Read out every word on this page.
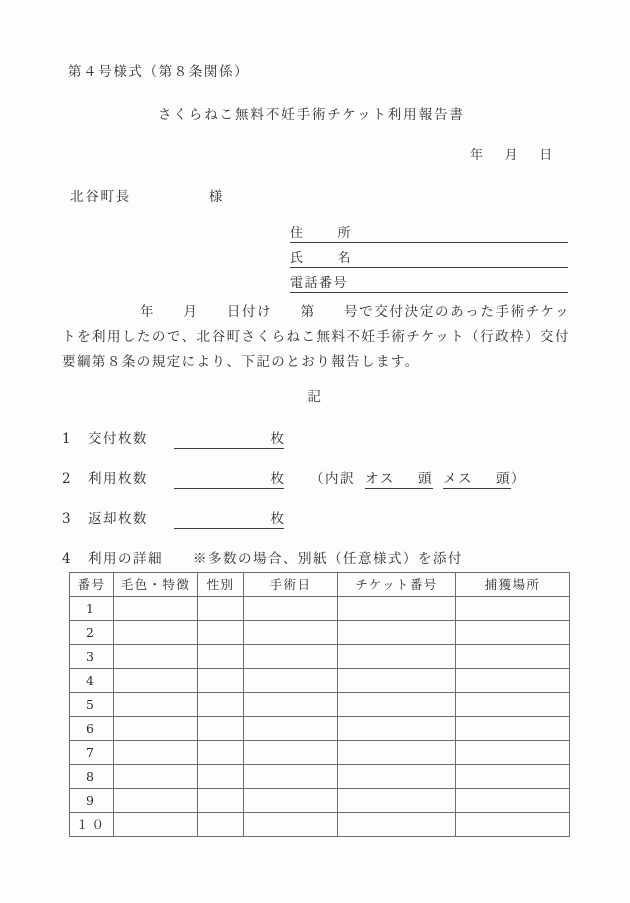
第４号様式（第８条関係）
さくらねこ無料不妊手術チケット利用報告書
年 月 日
北谷町長	様
住	所
氏	名
電話番号
年 月 日付け 第 号で交付決定のあった手術チケットを利用したので、北谷町さくらねこ無料不妊手術チケット（行政枠）交付要綱第８条の規定により、下記のとおり報告します。
記
1	交付枚数	枚
2	利用枚数	枚 （内訳 オス 頭 メス 頭 ）
3	返却枚数	枚
4 利用の詳細 ※多数の場合、別紙（任意様式）を添付
番号	毛色・特徴	性別	手術日	チケット番号	捕獲場所
1					
2					
3					
4					
5					
6					
7					
8					
9					
１０					
